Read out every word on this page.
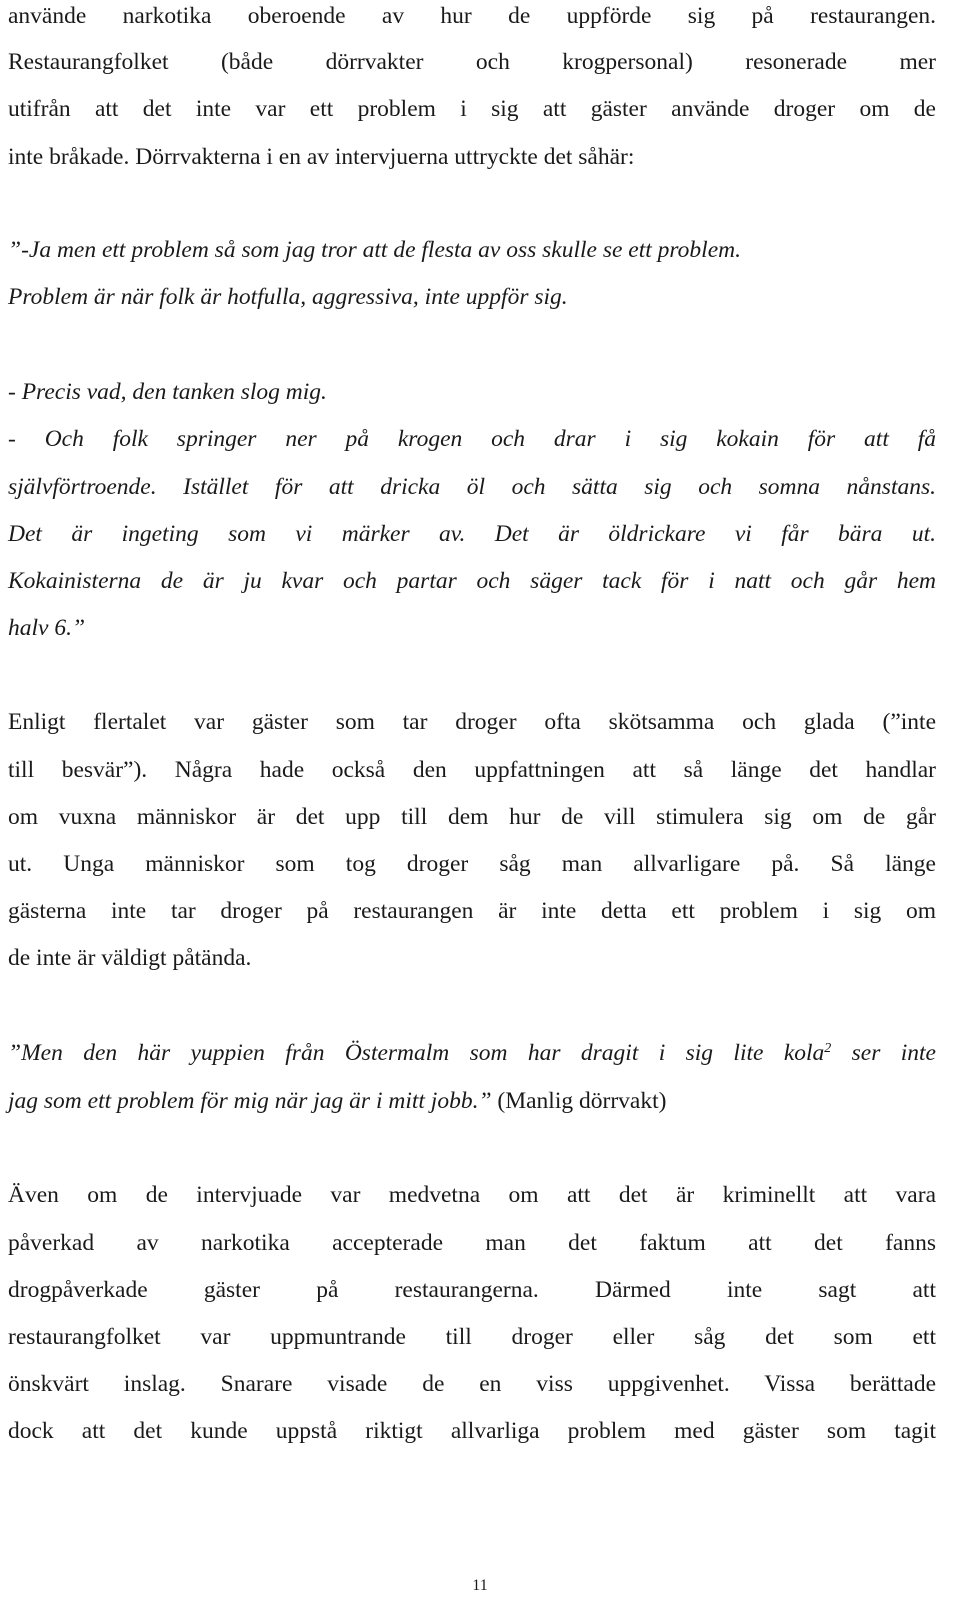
använde narkotika oberoende av hur de uppförde sig på restaurangen.

Restaurangfolket (både dörrvakter och krogpersonal) resonerade mer

utifrån att det inte var ett problem i sig att gäster använde droger om de

inte bråkade. Dörrvakterna i en av intervjuerna uttryckte det såhär:

”-Ja men ett problem så som jag tror att de flesta av oss skulle se ett problem.

Problem är när folk är hotfulla, aggressiva, inte uppför sig.

- Precis vad, den tanken slog mig.

- Och folk springer ner på krogen och drar i sig kokain för att få

självförtroende. Istället för att dricka öl och sätta sig och somna nånstans.

Det är ingeting som vi märker av. Det är öldrickare vi får bära ut.

Kokainisterna de är ju kvar och partar och säger tack för i natt och går hem

halv 6.”

Enligt flertalet var gäster som tar droger ofta skötsamma och glada (”inte

till besvär”). Några hade också den uppfattningen att så länge det handlar

om vuxna människor är det upp till dem hur de vill stimulera sig om de går

ut. Unga människor som tog droger såg man allvarligare på. Så länge

gästerna inte tar droger på restaurangen är inte detta ett problem i sig om

de inte är väldigt påtända.

”Men den här yuppien från Östermalm som har dragit i sig lite kola$^2$ ser inte

jag som ett problem för mig när jag är i mitt jobb.” (Manlig dörrvakt)

Även om de intervjuade var medvetna om att det är kriminellt att vara

påverkad av narkotika accepterade man det faktum att det fanns

drogpåverkade gäster på restaurangerna. Därmed inte sagt att

restaurangfolket var uppmuntrande till droger eller såg det som ett

önskvärt inslag. Snarare visade de en viss uppgivenhet. Vissa berättade

dock att det kunde uppstå riktigt allvarliga problem med gäster som tagit

11
